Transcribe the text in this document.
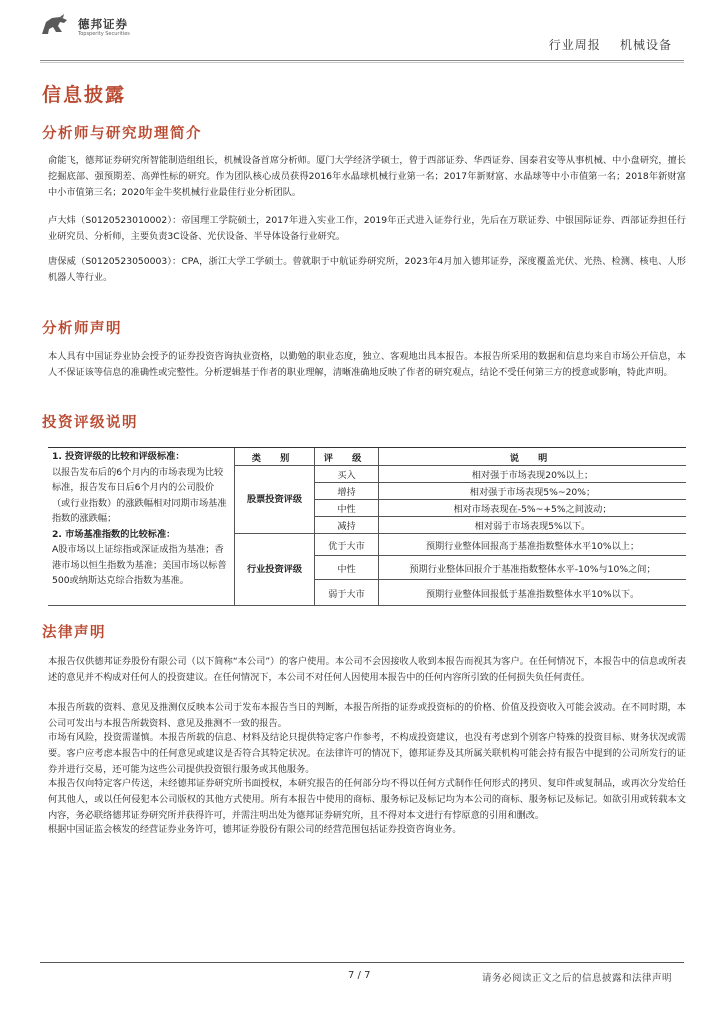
德邦证券
Topsperity Securities
行业周报    机械设备
信息披露
分析师与研究助理简介

俞能飞，德邦证券研究所智能制造组组长，机械设备首席分析师。厦门大学经济学硕士，曾于西部证券、华西证券、国泰君安等从事机械、中小盘研究，擅长挖掘底部、强预期差、高弹性标的研究。作为团队核心成员获得2016年水晶球机械行业第一名；2017年新财富、水晶球等中小市值第一名；2018年新财富中小市值第三名；2020年金牛奖机械行业最佳行业分析团队。

卢大炜（S0120523010002）：帝国理工学院硕士，2017年进入实业工作，2019年正式进入证券行业，先后在万联证券、中银国际证券、西部证券担任行业研究员、分析师，主要负责3C设备、光伏设备、半导体设备行业研究。

唐保威（S0120523050003）：CPA，浙江大学工学硕士。曾就职于中航证券研究所，2023年4月加入德邦证券，深度覆盖光伏、光热、检测、核电、人形机器人等行业。

分析师声明

本人具有中国证券业协会授予的证券投资咨询执业资格，以勤勉的职业态度，独立、客观地出具本报告。本报告所采用的数据和信息均来自市场公开信息，本人不保证该等信息的准确性或完整性。分析逻辑基于作者的职业理解，清晰准确地反映了作者的研究观点，结论不受任何第三方的授意或影响，特此声明。

投资评级说明
1. 投资评级的比较和评级标准：
以报告发布后的6个月内的市场表现为比较标准，报告发布日后6个月内的公司股价（或行业指数）的涨跌幅相对同期市场基准指数的涨跌幅；
2. 市场基准指数的比较标准：
A股市场以上证综指或深证成指为基准；香港市场以恒生指数为基准；美国市场以标普500或纳斯达克综合指数为基准。
类 别	评 级	说 明
股票投资评级
买入	相对强于市场表现20%以上；
增持	相对强于市场表现5%~20%；
中性	相对市场表现在-5%~+5%之间波动；
减持	相对弱于市场表现5%以下。
行业投资评级
优于大市	预期行业整体回报高于基准指数整体水平10%以上；
中性	预期行业整体回报介于基准指数整体水平-10%与10%之间；
弱于大市	预期行业整体回报低于基准指数整体水平10%以下。
法律声明

本报告仅供德邦证券股份有限公司（以下简称“本公司”）的客户使用。本公司不会因接收人收到本报告而视其为客户。在任何情况下，本报告中的信息或所表述的意见并不构成对任何人的投资建议。在任何情况下，本公司不对任何人因使用本报告中的任何内容所引致的任何损失负任何责任。

本报告所载的资料、意见及推测仅反映本公司于发布本报告当日的判断，本报告所指的证券或投资标的的价格、价值及投资收入可能会波动。在不同时期，本公司可发出与本报告所载资料、意见及推测不一致的报告。

市场有风险，投资需谨慎。本报告所载的信息、材料及结论只提供特定客户作参考，不构成投资建议，也没有考虑到个别客户特殊的投资目标、财务状况或需要。客户应考虑本报告中的任何意见或建议是否符合其特定状况。在法律许可的情况下，德邦证券及其所属关联机构可能会持有报告中提到的公司所发行的证券并进行交易，还可能为这些公司提供投资银行服务或其他服务。

本报告仅向特定客户传送，未经德邦证券研究所书面授权，本研究报告的任何部分均不得以任何方式制作任何形式的拷贝、复印件或复制品，或再次分发给任何其他人，或以任何侵犯本公司版权的其他方式使用。所有本报告中使用的商标、服务标记及标记均为本公司的商标、服务标记及标记。如欲引用或转载本文内容，务必联络德邦证券研究所并获得许可，并需注明出处为德邦证券研究所，且不得对本文进行有悖原意的引用和删改。

根据中国证监会核发的经营证券业务许可，德邦证券股份有限公司的经营范围包括证券投资咨询业务。

7 / 7	请务必阅读正文之后的信息披露和法律声明
